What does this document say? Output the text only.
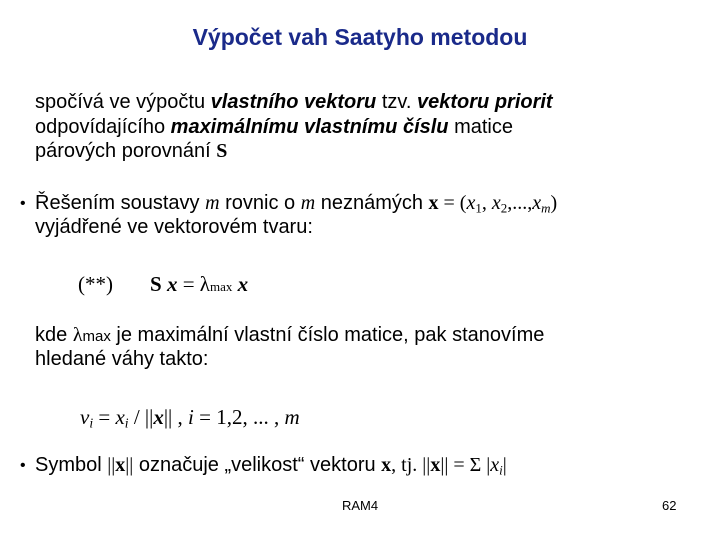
Výpočet vah Saatyho metodou
spočívá ve výpočtu vlastního vektoru tzv. vektoru priorit
odpovídajícího maximálnímu vlastnímu číslu matice
párových porovnání S
• Řešením soustavy m rovnic o m neznámých $x = (x_1$, $x_2,...,x_m$)
vyjádřené ve vektorovém tvaru:
(**) S x = λmax x
kde λmax je maximální vlastní číslo matice, pak stanovíme
hledané váhy takto:
$v_i = x_i / ||x||$ , i = 1,2, ... , m
• Symbol ||x|| označuje „velikost“ vektoru x, tj. ||x|| = Σ $|x_i|$
RAM4	62
